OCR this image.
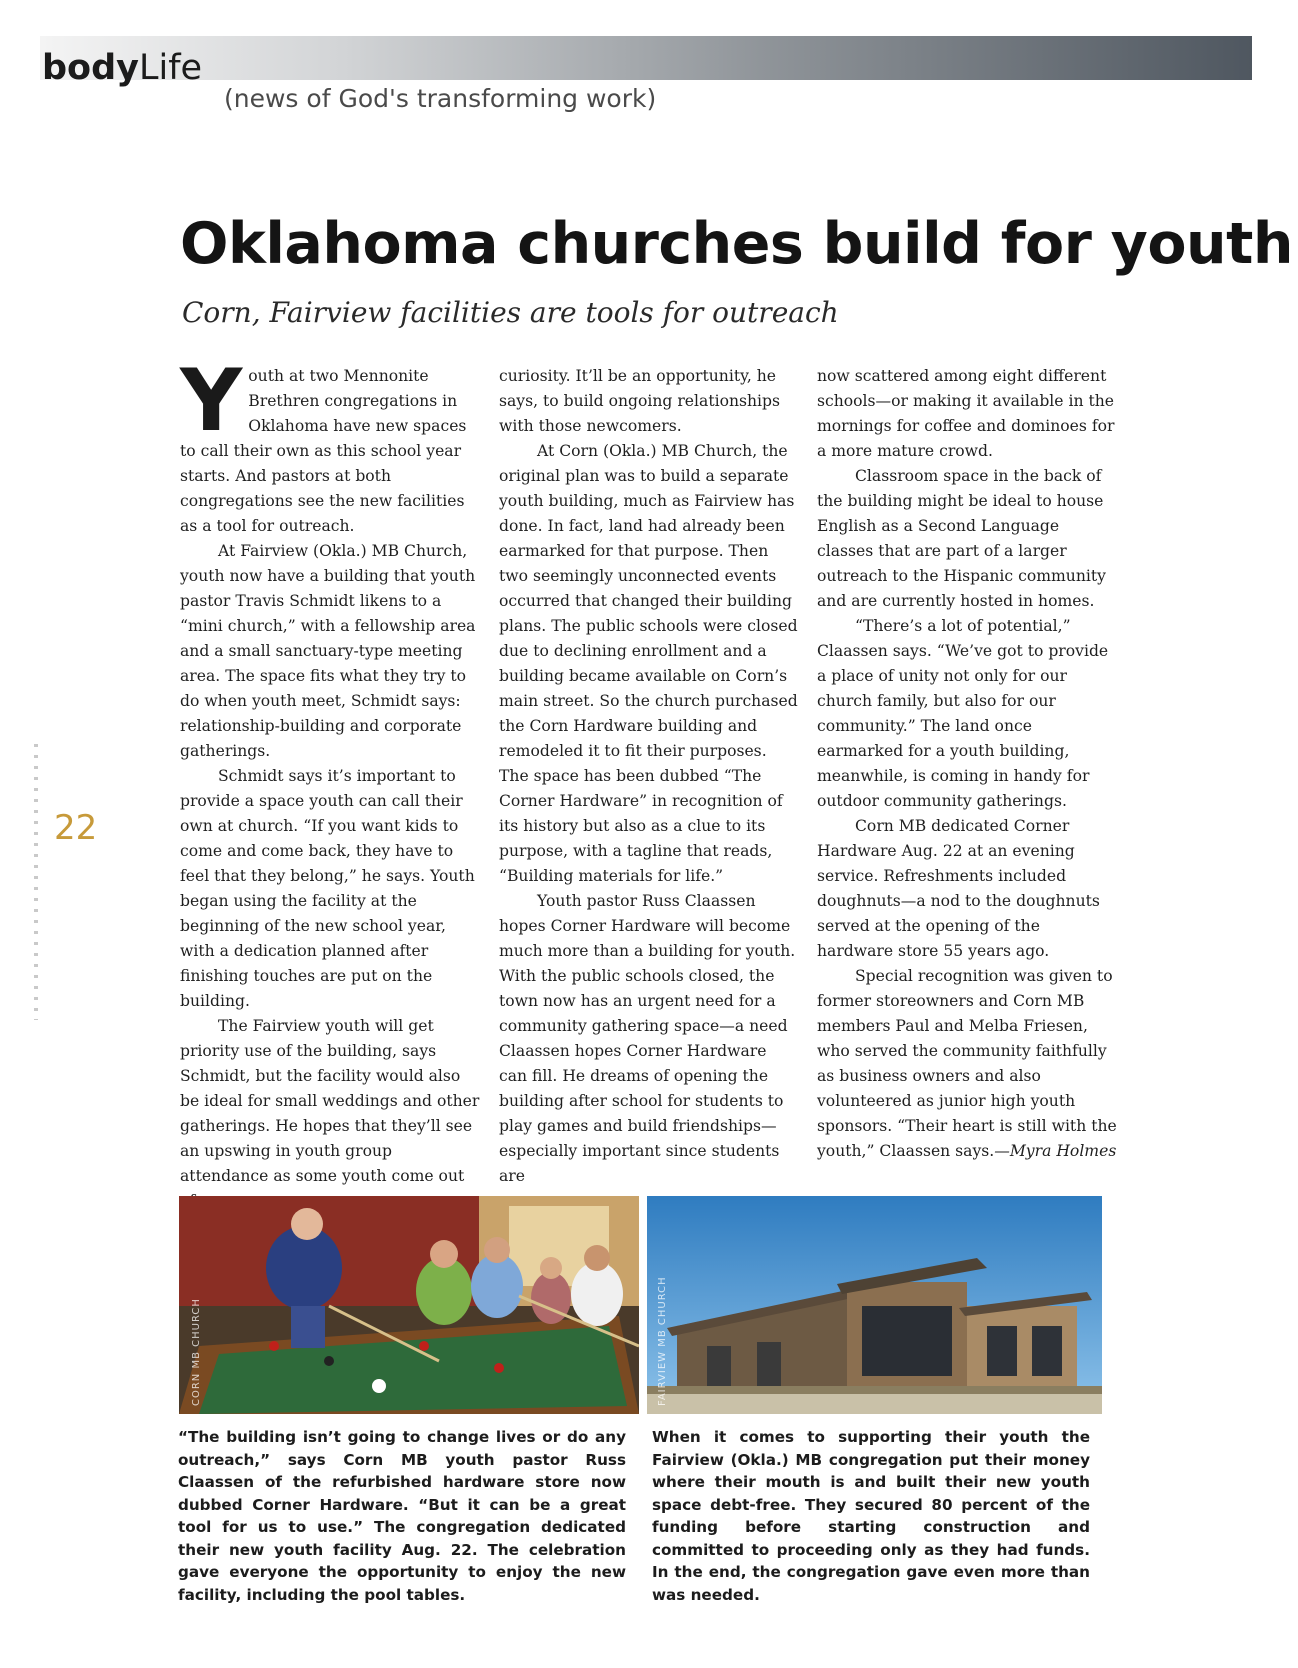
bodyLife
(news of God's transforming work)
22
Oklahoma churches build for youth
Corn, Fairview facilities are tools for outreach

Youth at two Mennonite Brethren congregations in Oklahoma have new spaces to call their own as this school year starts. And pastors at both congregations see the new facilities as a tool for outreach.

At Fairview (Okla.) MB Church, youth now have a building that youth pastor Travis Schmidt likens to a “mini church,” with a fellowship area and a small sanctuary-type meeting area. The space fits what they try to do when youth meet, Schmidt says: relationship-building and corporate gatherings.

Schmidt says it’s important to provide a space youth can call their own at church. “If you want kids to come and come back, they have to feel that they belong,” he says. Youth began using the facility at the beginning of the new school year, with a dedication planned after finishing touches are put on the building.

The Fairview youth will get priority use of the building, says Schmidt, but the facility would also be ideal for small weddings and other gatherings. He hopes that they’ll see an upswing in youth group attendance as some youth come out

curiosity. It’ll be an opportunity, he says, to build ongoing relationships with those newcomers.

At Corn (Okla.) MB Church, the original plan was to build a separate youth building, much as Fairview has done. In fact, land had already been earmarked for that purpose. Then two seemingly unconnected events occurred that changed their building plans. The public schools were closed due to declining enrollment and a building became available on Corn’s main street. So the church purchased the Corn Hardware building and remodeled it to fit their purposes. The space has been dubbed “The Corner Hardware” in recognition of its history but also as a clue to its purpose, with a tagline that reads, “Building materials for life.”

Youth pastor Russ Claassen hopes Corner Hardware will become much more than a building for youth. With the public schools closed, the town now has an urgent need for a community gathering space—a need Claassen hopes Corner Hardware can fill. He dreams of opening the building after school for students to play games and build friendships—especially important since students are

now scattered among eight different schools—or making it available in the mornings for coffee and dominoes for a more mature crowd.

Classroom space in the back of the building might be ideal to house English as a Second Language classes that are part of a larger outreach to the Hispanic community and are currently hosted in homes.

“There’s a lot of potential,” Claassen says. “We’ve got to provide a place of unity not only for our church family, but also for our community.” The land once earmarked for a youth building, meanwhile, is coming in handy for outdoor community gatherings.

Corn MB dedicated Corner Hardware Aug. 22 at an evening service. Refreshments included doughnuts—a nod to the doughnuts served at the opening of the hardware store 55 years ago.

Special recognition was given to former storeowners and Corn MB members Paul and Melba Friesen, who served the community faithfully as business owners and also volunteered as junior high youth sponsors. “Their heart is still with the youth,” Claassen says.—Myra Holmes

CORN MB CHURCH	FAIRVIEW MB CHURCH
“The building isn’t going to change lives or do any outreach,” says Corn MB youth pastor Russ Claassen of the refurbished hardware store now dubbed Corner Hardware. “But it can be a great tool for us to use.” The congregation dedicated their new youth facility Aug. 22. The celebration gave everyone the opportunity to enjoy the new facility, including the pool tables.
When it comes to supporting their youth the Fairview (Okla.) MB congregation put their money where their mouth is and built their new youth space debt-free. They secured 80 percent of the funding before starting construction and committed to proceeding only as they had funds. In the end, the congregation gave even more than was needed.
